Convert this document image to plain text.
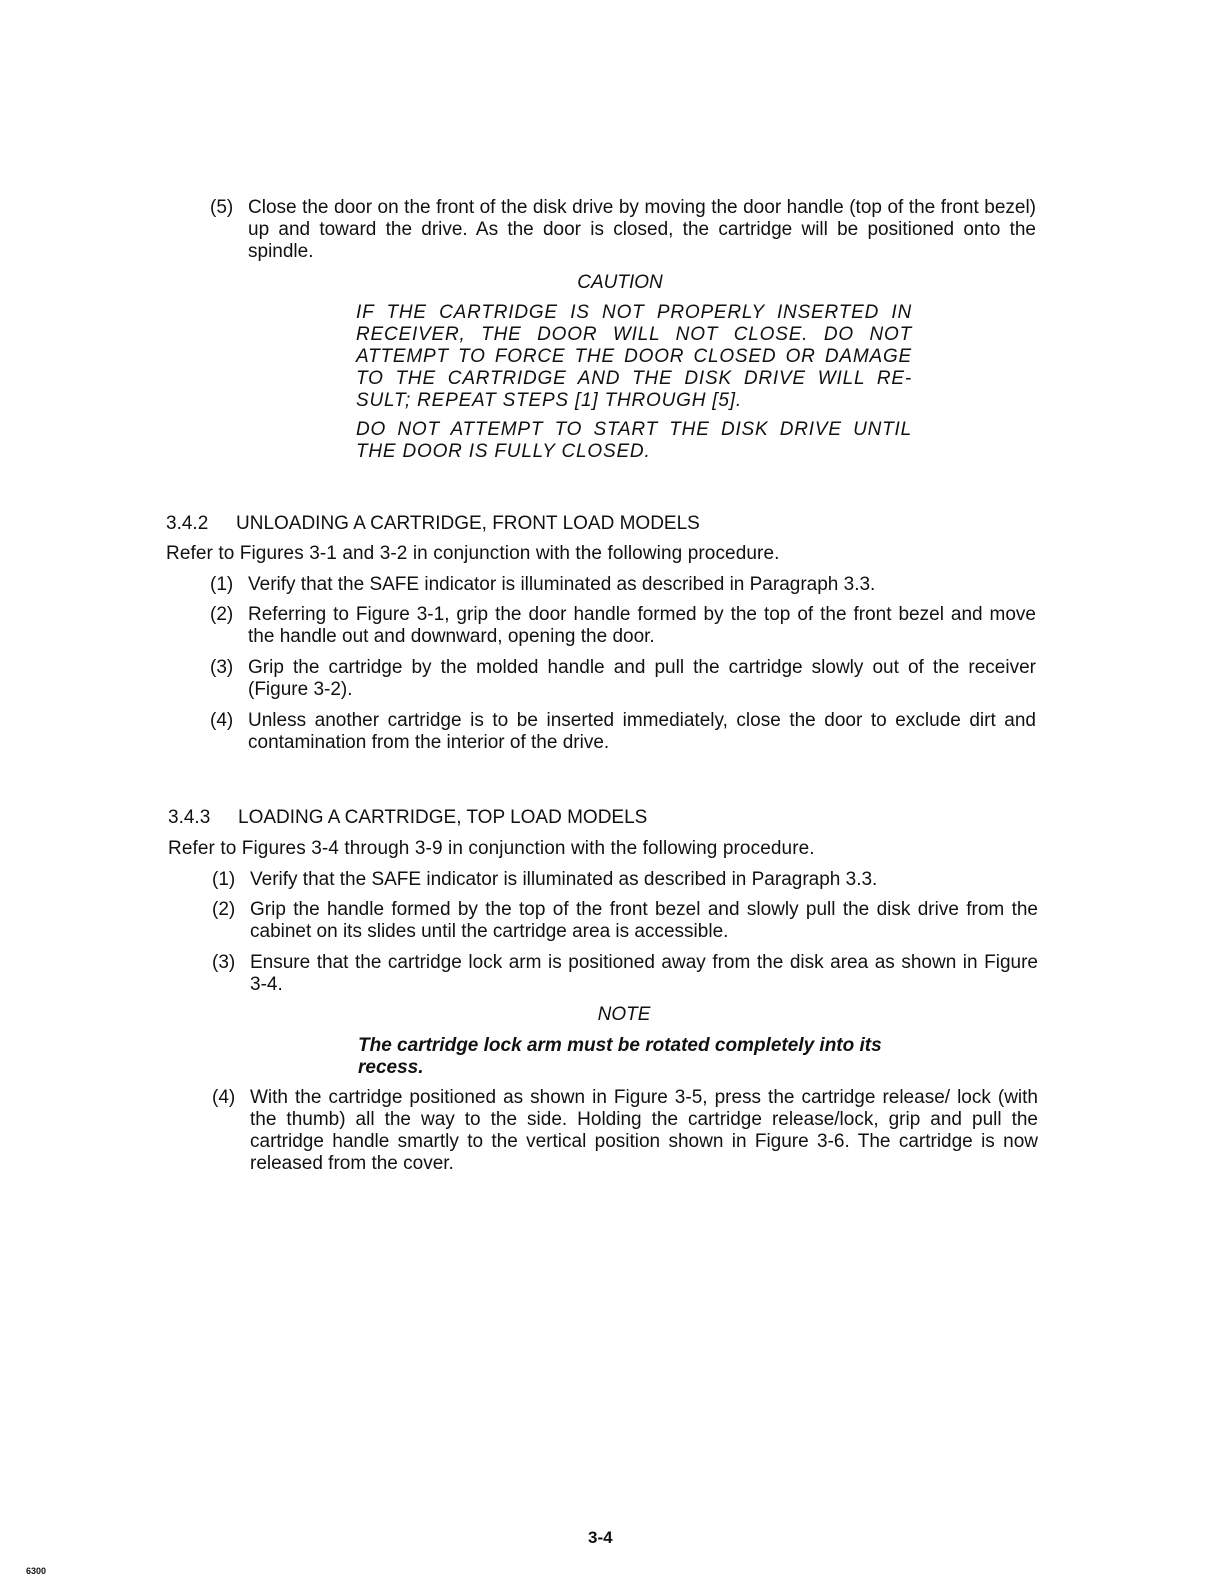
(5) Close the door on the front of the disk drive by moving the door handle (top of the front bezel) up and toward the drive. As the door is closed, the cartridge will be positioned onto the spindle.
CAUTION
IF THE CARTRIDGE IS NOT PROPERLY INSERTED IN RECEIVER, THE DOOR WILL NOT CLOSE. DO NOT ATTEMPT TO FORCE THE DOOR CLOSED OR DAMAGE TO THE CARTRIDGE AND THE DISK DRIVE WILL RE-SULT; REPEAT STEPS [1] THROUGH [5].
DO NOT ATTEMPT TO START THE DISK DRIVE UNTIL THE DOOR IS FULLY CLOSED.
3.4.2 UNLOADING A CARTRIDGE, FRONT LOAD MODELS
Refer to Figures 3-1 and 3-2 in conjunction with the following procedure.
(1) Verify that the SAFE indicator is illuminated as described in Paragraph 3.3.
(2) Referring to Figure 3-1, grip the door handle formed by the top of the front bezel and move the handle out and downward, opening the door.
(3) Grip the cartridge by the molded handle and pull the cartridge slowly out of the receiver (Figure 3-2).
(4) Unless another cartridge is to be inserted immediately, close the door to exclude dirt and contamination from the interior of the drive.
3.4.3 LOADING A CARTRIDGE, TOP LOAD MODELS
Refer to Figures 3-4 through 3-9 in conjunction with the following procedure.
(1) Verify that the SAFE indicator is illuminated as described in Paragraph 3.3.
(2) Grip the handle formed by the top of the front bezel and slowly pull the disk drive from the cabinet on its slides until the cartridge area is accessible.
(3) Ensure that the cartridge lock arm is positioned away from the disk area as shown in Figure 3-4.
NOTE
The cartridge lock arm must be rotated completely into its recess.
(4) With the cartridge positioned as shown in Figure 3-5, press the cartridge release/ lock (with the thumb) all the way to the side. Holding the cartridge release/lock, grip and pull the cartridge handle smartly to the vertical position shown in Figure 3-6. The cartridge is now released from the cover.
3-4
6300
